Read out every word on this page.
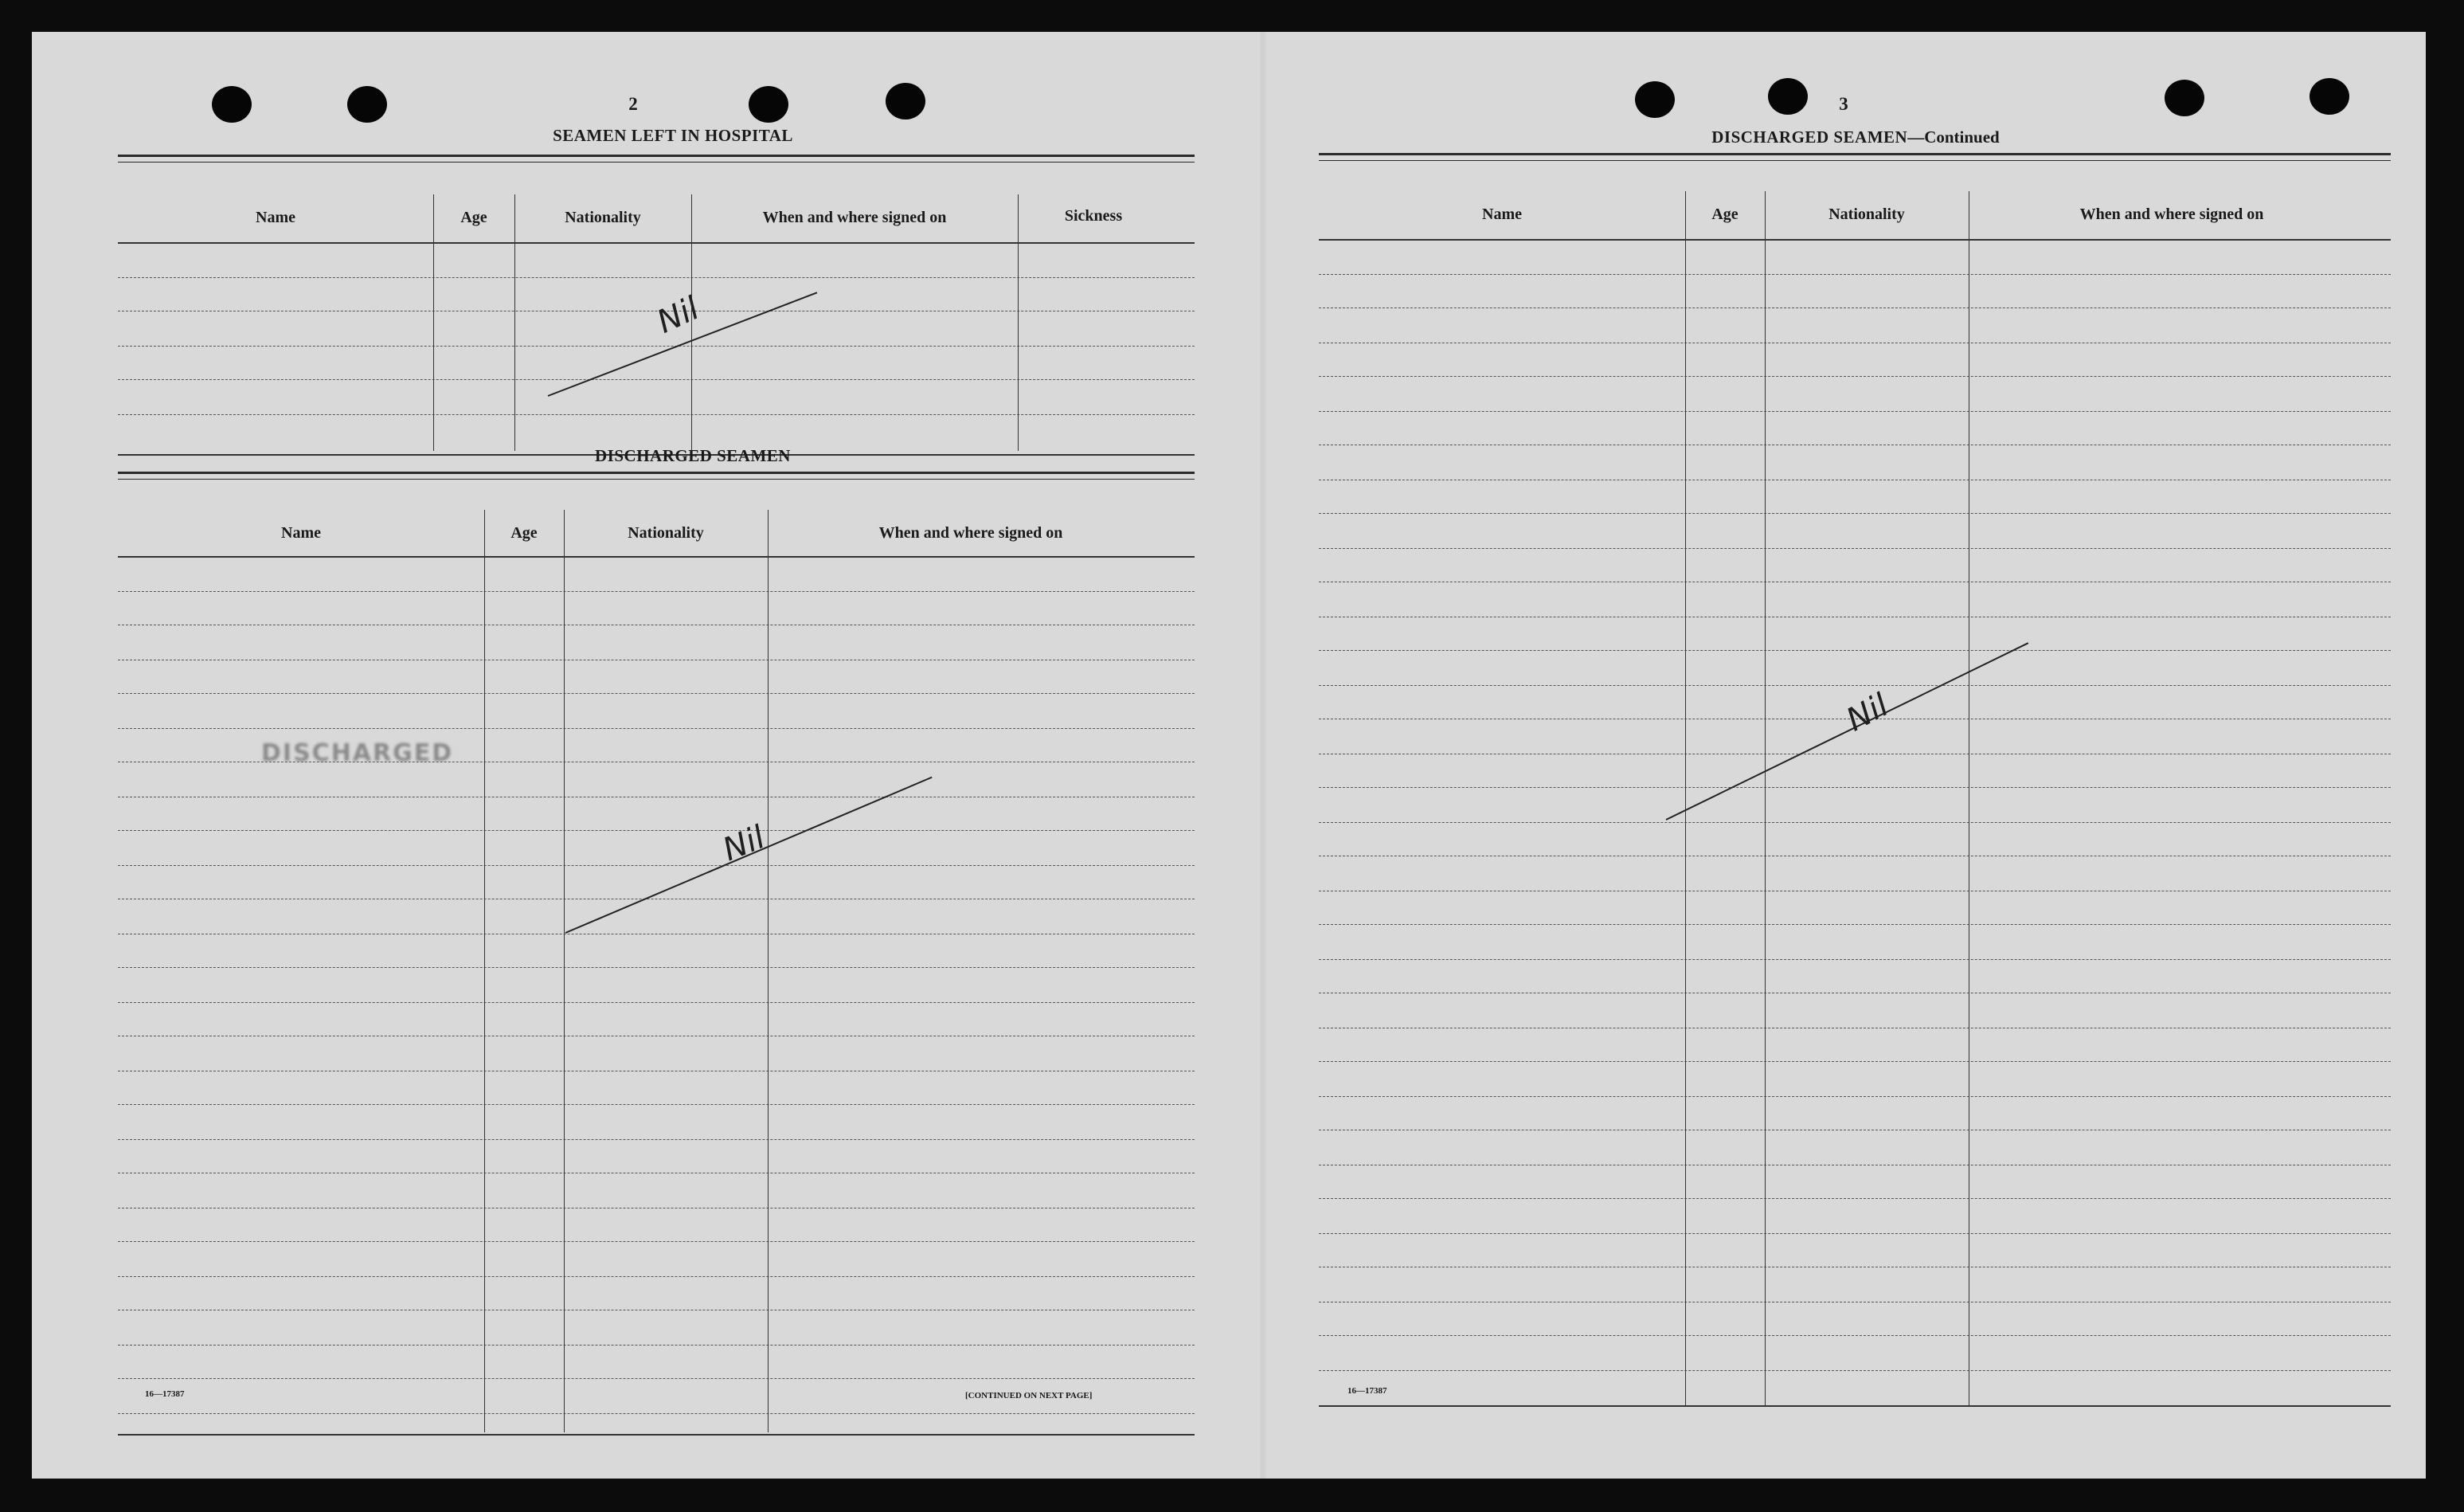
2
SEAMEN LEFT IN HOSPITAL
Name	Age	Nationality	When and where signed on	Sickness
Nil
DISCHARGED SEAMEN
Name	Age	Nationality	When and where signed on
Nil
DISCHARGED
16—17387	[CONTINUED ON NEXT PAGE]
3
DISCHARGED SEAMEN—Continued
Name	Age	Nationality	When and where signed on
Nil
16—17387
